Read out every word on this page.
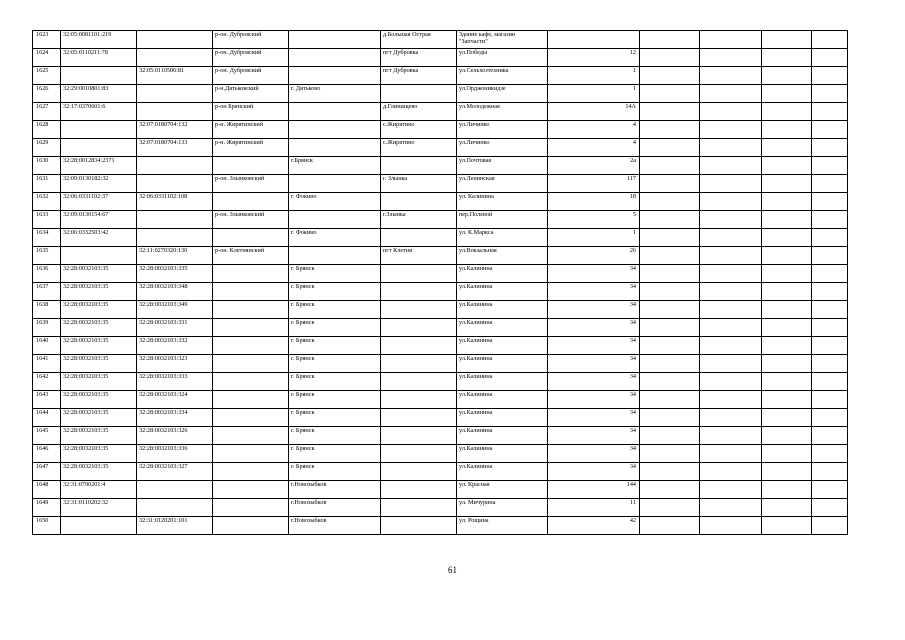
1623	32:05:0081101:219		р-он. Дубровский		д.Большая Острая	Здание кафе, магазин "Запчасти"					
1624	32:05:0110211:78		р-он. Дубровский		пгт Дубровка	ул.Победы	12				
1625		32:05:0110506:81	р-он. Дубровский		пгт Дубровка	ул.Сельхозтехника	1				
1626	32:29:0010801:83		р-н.Дятьковский	г. Дятьково		ул.Орджоникидзе	1				
1627	32:17:0370601:6		р-он Брянский		д.Глинищево	ул.Молодежная	14А				
1628		32:07:0180704:132	р-н. Жирятинский		с.Жирятино	ул.Личинко	4				
1629		32:07:0180704:133	р-н. Жирятинский		с.Жирятино	ул.Личинко	4				
1630	32:28:0012834:2371			г.Брянск		ул.Почтовая	2а				
1631	32:09:0130182:32		р-он. Злынковский		г. Злынка	ул.Ленинская	117				
1632	32:06:0331102:37	32:06:0331102:108		г. Фокино		ул. Калинина	18				
1633	32:09:0130154:67		р-он. Злынковский		г.Злынка	пер.Полевой	5				
1634	32:06:0332503:42			г. Фокино		ул. К.Маркса	1				
1635		32:11:0270320:130	р-он. Клетнянский		пгт Клетня	ул.Вокзальная	26				
1636	32:28:0032103:35	32:28:0032103:335		г. Брянск		ул.Калинина	34				
1637	32:28:0032103:35	32:28:0032103:348		г. Брянск		ул.Калинина	34				
1638	32:28:0032103:35	32:28:0032103:349		г. Брянск		ул.Калинина	34				
1639	32:28:0032103:35	32:28:0032103:331		г. Брянск		ул.Калинина	34				
1640	32:28:0032103:35	32:28:0032103:332		г. Брянск		ул.Калинина	34				
1641	32:28:0032103:35	32:28:0032103:323		г. Брянск		ул.Калинина	34				
1642	32:28:0032103:35	32:28:0032103:333		г. Брянск		ул.Калинина	34				
1643	32:28:0032103:35	32:28:0032103:324		г. Брянск		ул.Калинина	34				
1644	32:28:0032103:35	32:28:0032103:334		г. Брянск		ул.Калинина	34				
1645	32:28:0032103:35	32:28:0032103:326		г. Брянск		ул.Калинина	34				
1646	32:28:0032103:35	32:28:0032103:336		г. Брянск		ул.Калинина	34				
1647	32:28:0032103:35	32:28:0032103:327		г. Брянск		ул.Калинина	34				
1648	32:31:0790201:4			г.Новозыбков		ул. Красная	144				
1649	32:31:0110202:32			г.Новозыбков		ул. Мичурина	11				
1650		32:31:0120201:101		г.Новозыбков		ул. Рощина	42				
61
